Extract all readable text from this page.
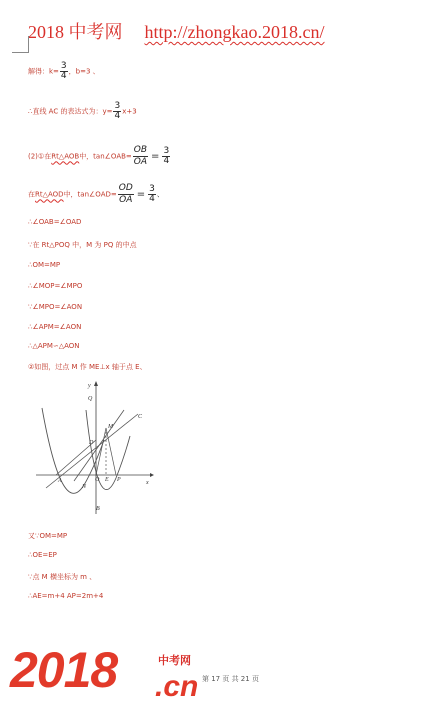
2018 中考网 http://zhongkao.2018.cn/
解得：$k= \frac{3}{4}$ ，b=3 、
∴直线 AC 的表达式为：$y= \frac{3}{4} x+3$
(2)①在Rt△AOB中，tan∠OAB= $\frac{OB}{OA} = \frac{3}{4}$
在Rt△AOD中，tan∠OAD= $\frac{OD}{OA} = \frac{3}{4}$ 、
∴∠OAB=∠OAD
∵在 Rt△POQ 中，M 为 PQ 的中点
∴OM=MP
∴∠MOP=∠MPO
∵∠MPO=∠AON
∴∠APM=∠AON
∴△APM∽△AON
②如图，过点 M 作 ME⊥x 轴于点 E、
y
x
Q
C
M
D
A
N
O E P
B
又∵OM=MP
∴OE=EP
∵点 M 横坐标为 m 、
∴AE=m+4 AP=2m+4
2018	中考网
.cn 第 17 页 共 21 页
